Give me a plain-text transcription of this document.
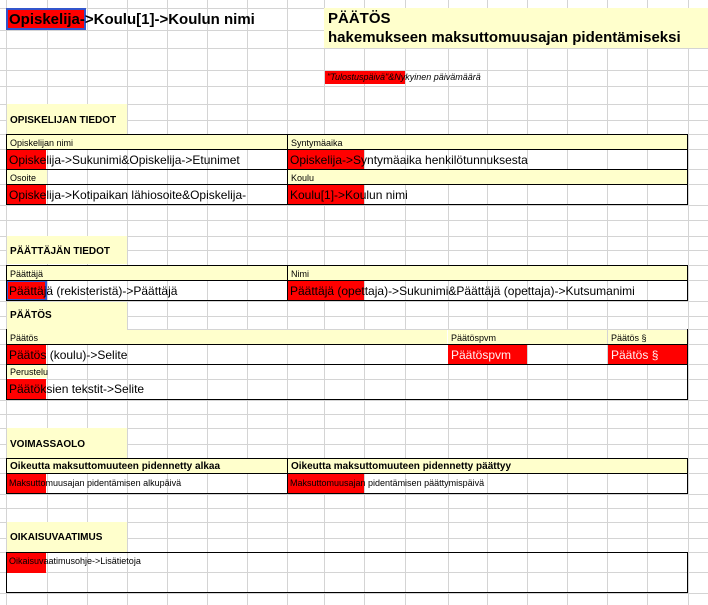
Opiskelija->Koulu[1]->Koulun nimi	PÄÄTÖS
hakemukseen maksuttomuusajan pidentämiseksi
"Tulostuspäivä"&Nykyinen päivämäärä
OPISKELIJAN TIEDOT
Opiskelijan nimi
Opiskelija->Sukunimi&Opiskelija->Etunimet
Syntymäaika
Opiskelija->Syntymäaika henkilötunnuksesta
Osoite
Opiskelija->Kotipaikan lähiosoite&Opiskelija-
Koulu
Koulu[1]->Koulun nimi
PÄÄTTÄJÄN TIEDOT
Päättäjä
Päättäjä (rekisteristä)->Päättäjä
Nimi
Päättäjä (opettaja)->Sukunimi&Päättäjä (opettaja)->Kutsumanimi
PÄÄTÖS
Päätös
Päätös (koulu)->Selite
Päätöspvm
Päätöspvm
Päätös §
Päätös §
Perustelu
Päätöksien tekstit->Selite
VOIMASSAOLO
Oikeutta maksuttomuuteen pidennetty alkaa
Maksuttomuusajan pidentämisen alkupäivä
Oikeutta maksuttomuuteen pidennetty päättyy
Maksuttomuusajan pidentämisen päättymispäivä
OIKAISUVAATIMUS
Oikaisuvaatimusohje->Lisätietoja
